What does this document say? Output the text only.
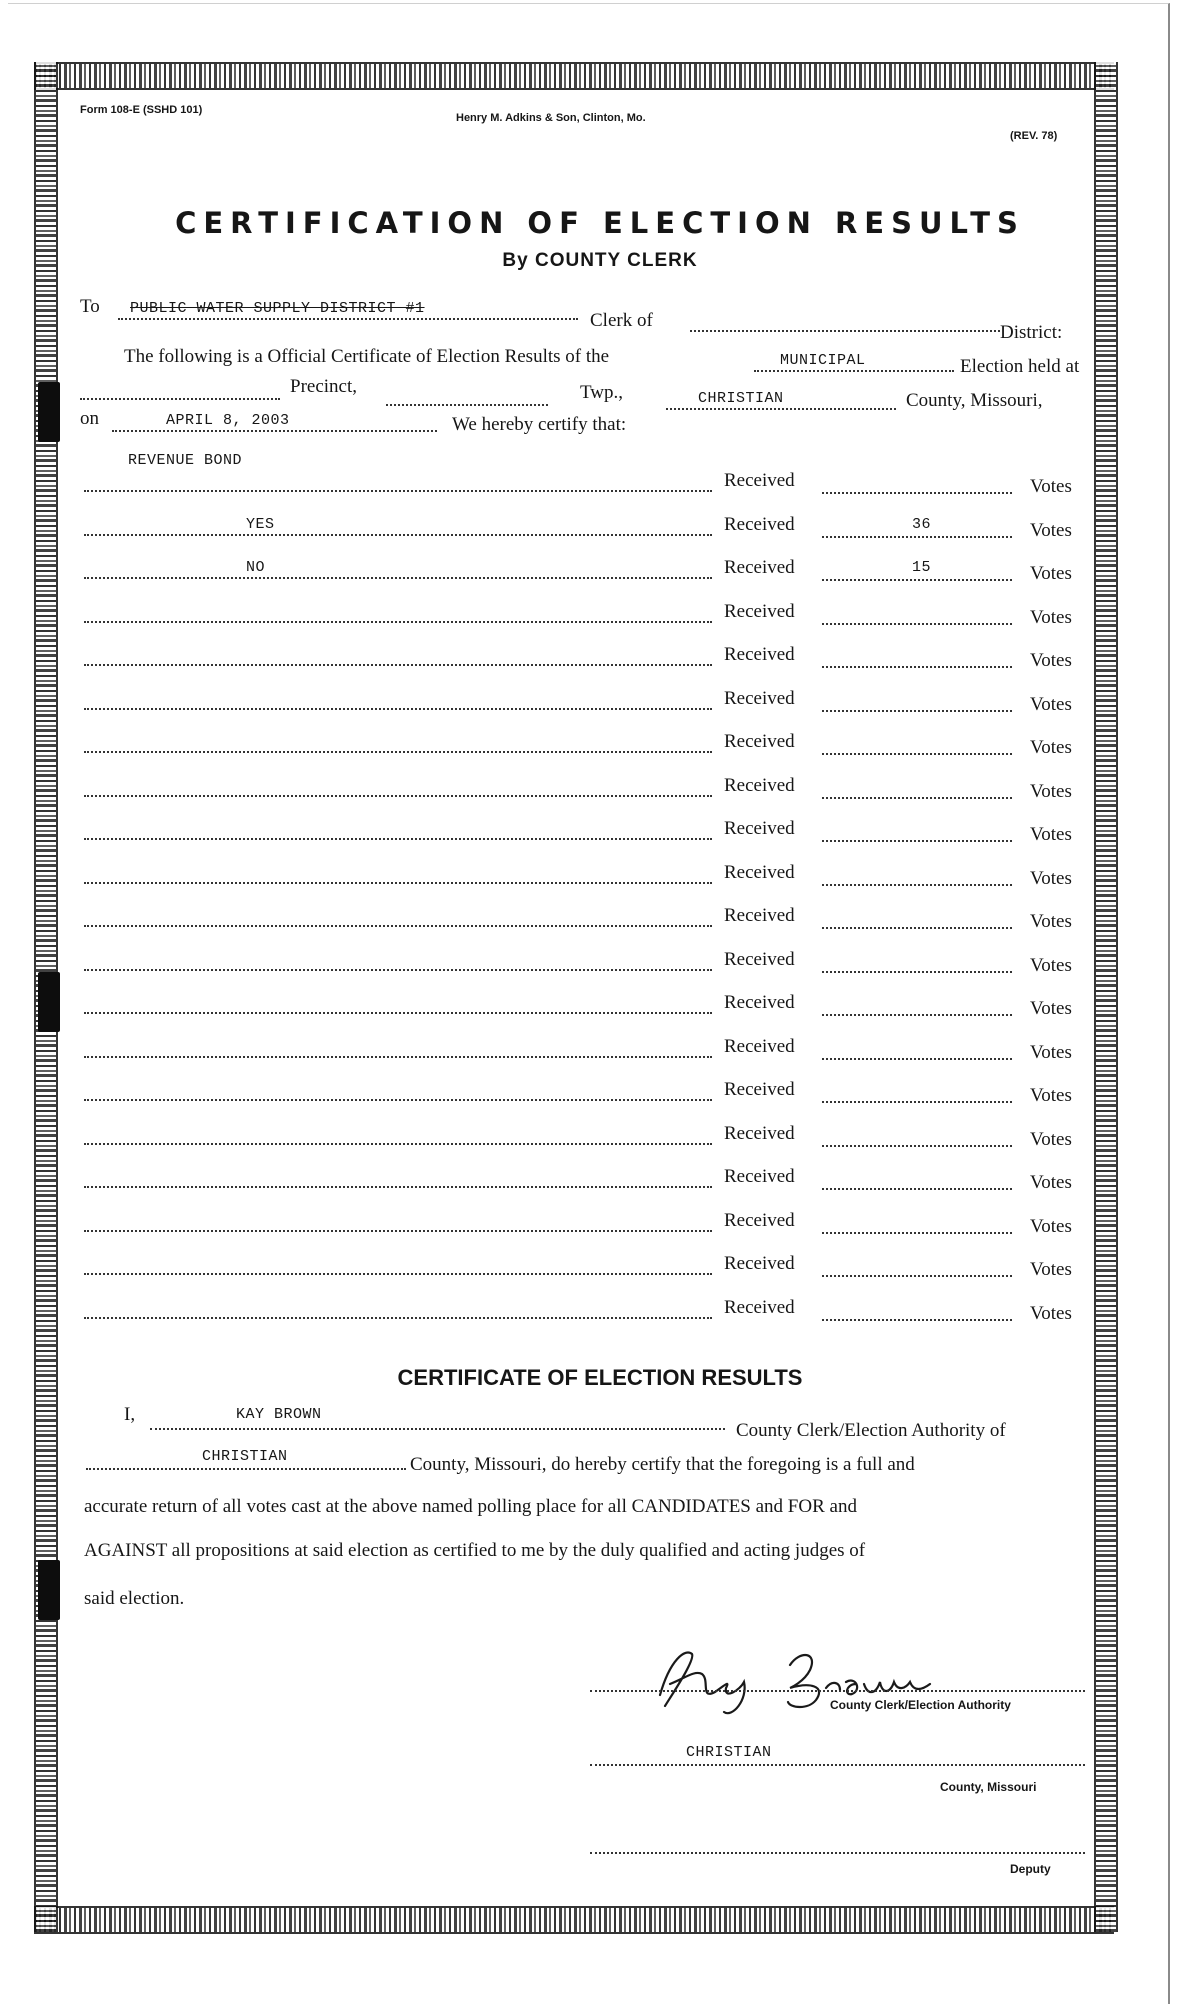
Form 108-E (SSHD 101)
Henry M. Adkins & Son, Clinton, Mo.
(REV. 78)
CERTIFICATION OF ELECTION RESULTS
By COUNTY CLERK
To PUBLIC WATER SUPPLY DISTRICT #1
Clerk of
District:
The following is a Official Certificate of Election Results of the	MUNICIPAL	Election held at
Precinct,	Twp.,	CHRISTIAN	County, Missouri,
on	APRIL 8, 2003	We hereby certify that:
REVENUE BOND
Received	Votes
YES	Received	36	Votes
NO	Received	15	Votes
Received	Votes
Received	Votes
Received	Votes
Received	Votes
Received	Votes
Received	Votes
Received	Votes
Received	Votes
Received	Votes
Received	Votes
Received	Votes
Received	Votes
Received	Votes
Received	Votes
Received	Votes
Received	Votes
Received	Votes
CERTIFICATE OF ELECTION RESULTS
I,	KAY BROWN
County Clerk/Election Authority of
CHRISTIAN	County, Missouri, do hereby certify that the foregoing is a full and
accurate return of all votes cast at the above named polling place for all CANDIDATES and FOR and
AGAINST all propositions at said election as certified to me by the duly qualified and acting judges of
said election.
County Clerk/Election Authority
CHRISTIAN
County, Missouri
Deputy
